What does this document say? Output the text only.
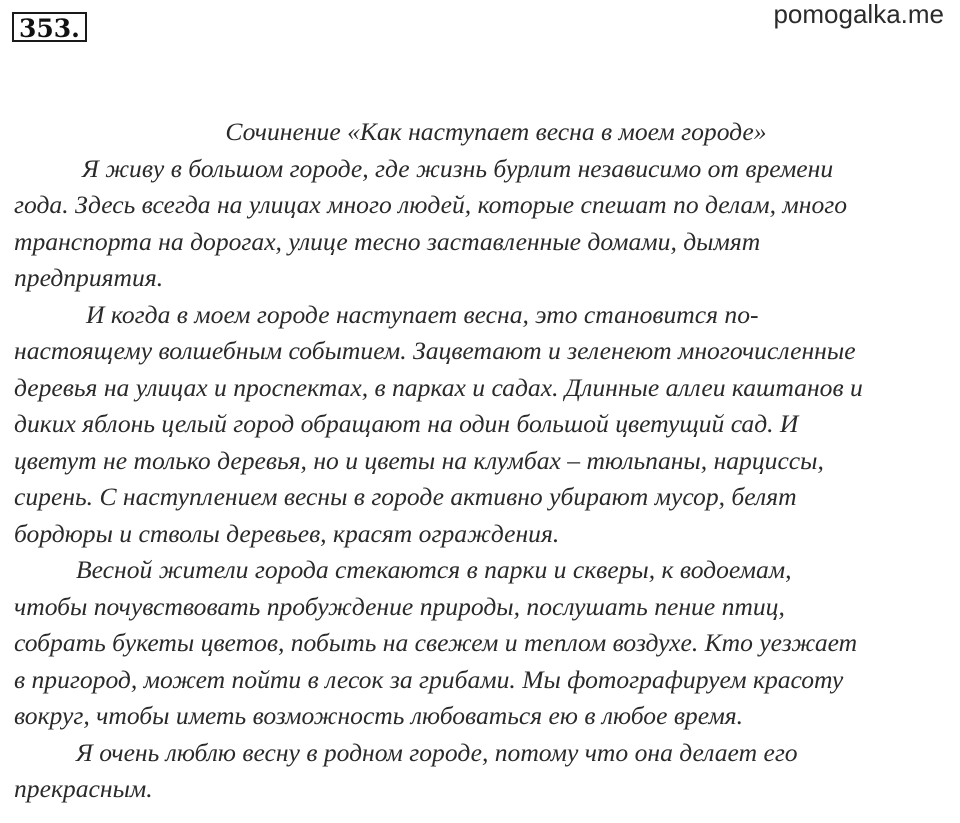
353.	pomogalka.me
Сочинение «Как наступает весна в моем городе»
Я живу в большом городе, где жизнь бурлит независимо от времени
года. Здесь всегда на улицах много людей, которые спешат по делам, много
транспорта на дорогах, улице тесно заставленные домами, дымят
предприятия.
И когда в моем городе наступает весна, это становится по-
настоящему волшебным событием. Зацветают и зеленеют многочисленные
деревья на улицах и проспектах, в парках и садах. Длинные аллеи каштанов и
диких яблонь целый город обращают на один большой цветущий сад. И
цветут не только деревья, но и цветы на клумбах – тюльпаны, нарциссы,
сирень. С наступлением весны в городе активно убирают мусор, белят
бордюры и стволы деревьев, красят ограждения.
Весной жители города стекаются в парки и скверы, к водоемам,
чтобы почувствовать пробуждение природы, послушать пение птиц,
собрать букеты цветов, побыть на свежем и теплом воздухе. Кто уезжает
в пригород, может пойти в лесок за грибами. Мы фотографируем красоту
вокруг, чтобы иметь возможность любоваться ею в любое время.
Я очень люблю весну в родном городе, потому что она делает его
прекрасным.
